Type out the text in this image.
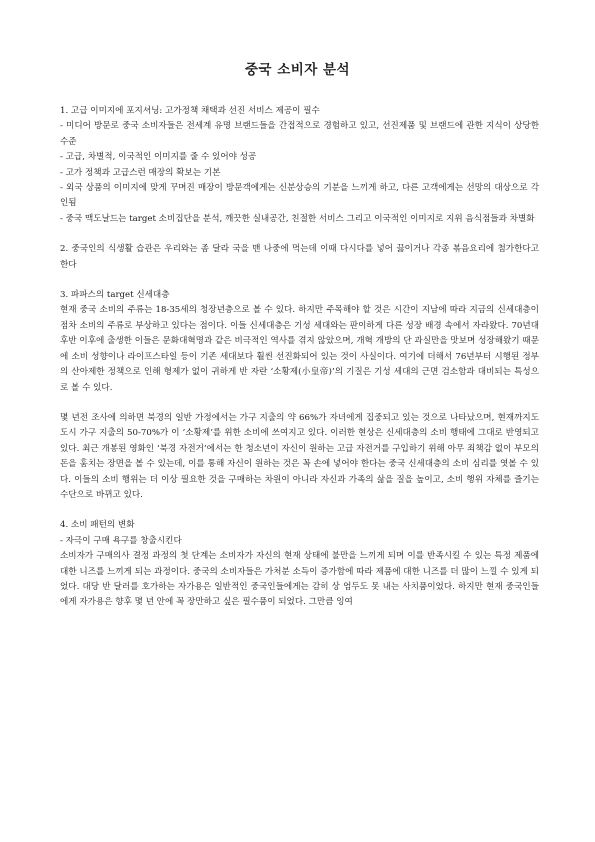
중국 소비자 분석

1. 고급 이미지에 포지셔닝: 고가정책 채택과 선진 서비스 제공이 필수

- 미디어 방문로 중국 소비자들은 전세계 유명 브랜드들을 간접적으로 경험하고 있고, 선진제품 및 브랜드에 관한 지식이 상당한 수준

- 고급, 차별적, 이국적인 이미지를 줄 수 있어야 성공

- 고가 정책과 고급스런 매장의 확보는 기본

- 외국 상품의 이미지에 맞게 꾸며진 매장이 방문객에게는 신분상승의 기분을 느끼게 하고, 다른 고객에게는 선망의 대상으로 각인됨

- 중국 맥도날드는 target 소비집단을 분석, 깨끗한 실내공간, 친절한 서비스 그리고 이국적인 이미지로 지위 음식점들과 차별화

2. 중국인의 식생활 습관은 우리와는 좀 달라 국을 맨 나중에 먹는데 이때 다시다를 넣어 끓이거나 각종 볶음요리에 첨가한다고 한다

3. 파파스의 target 신세대층

현재 중국 소비의 주류는 18-35세의 청장년층으로 볼 수 있다. 하지만 주목해야 할 것은 시간이 지남에 따라 지금의 신세대층이 점차 소비의 주류로 부상하고 있다는 점이다. 이들 신세대층은 기성 세대와는 판이하게 다른 성장 배경 속에서 자라왔다. 70년대 후반 이후에 출생한 이들은 문화대혁명과 같은 비극적인 역사를 겪지 않았으며, 개혁 개방의 단 과실만을 맛보며 성장해왔기 때문에 소비 성향이나 라이프스타일 등이 기존 세대보다 훨씬 선진화되어 있는 것이 사실이다. 여기에 더해서 76년부터 시행된 정부의 산아제한 정책으로 인해 형제가 없이 귀하게 반 자란 ‘소황제(小皇帝)’의 기질은 기성 세대의 근면 검소함과 대비되는 특성으로 볼 수 있다.

몇 년전 조사에 의하면 북경의 일반 가정에서는 가구 지출의 약 66%가 자녀에게 집중되고 있는 것으로 나타났으며, 현재까지도 도시 가구 지출의 50-70%가 이 ‘소황제’를 위한 소비에 쓰여지고 있다. 이러한 현상은 신세대층의 소비 행태에 그대로 반영되고 있다. 최근 개봉된 영화인 ‘북경 자전거’에서는 한 청소년이 자신이 원하는 고급 자전거를 구입하기 위해 아무 죄책감 없이 부모의 돈을 훔치는 장면을 볼 수 있는데, 이를 통해 자신이 원하는 것은 꼭 손에 넣어야 한다는 중국 신세대층의 소비 심리를 엿볼 수 있다. 이들의 소비 행위는 더 이상 필요한 것을 구매하는 차원이 아니라 자신과 가족의 삶을 질을 높이고, 소비 행위 자체를 즐기는 수단으로 바뀌고 있다.

4. 소비 패턴의 변화

- 자극이 구매 욕구를 창출시킨다

소비자가 구매의사 결정 과정의 첫 단계는 소비자가 자신의 현재 상태에 불만을 느끼게 되며 이를 반족시킬 수 있는 특정 제품에 대한 니즈를 느끼게 되는 과정이다. 중국의 소비자들은 가처분 소득이 증가함에 따라 제품에 대한 니즈를 더 많이 느낄 수 있게 되었다. 대당 반 달러를 호가하는 자가용은 일반적인 중국인들에게는 감히 상 엄두도 못 내는 사치품이었다. 하지만 현재 중국인들에게 자가용은 향후 몇 년 안에 꼭 장만하고 싶은 필수품이 되었다. 그만큼 잉여
